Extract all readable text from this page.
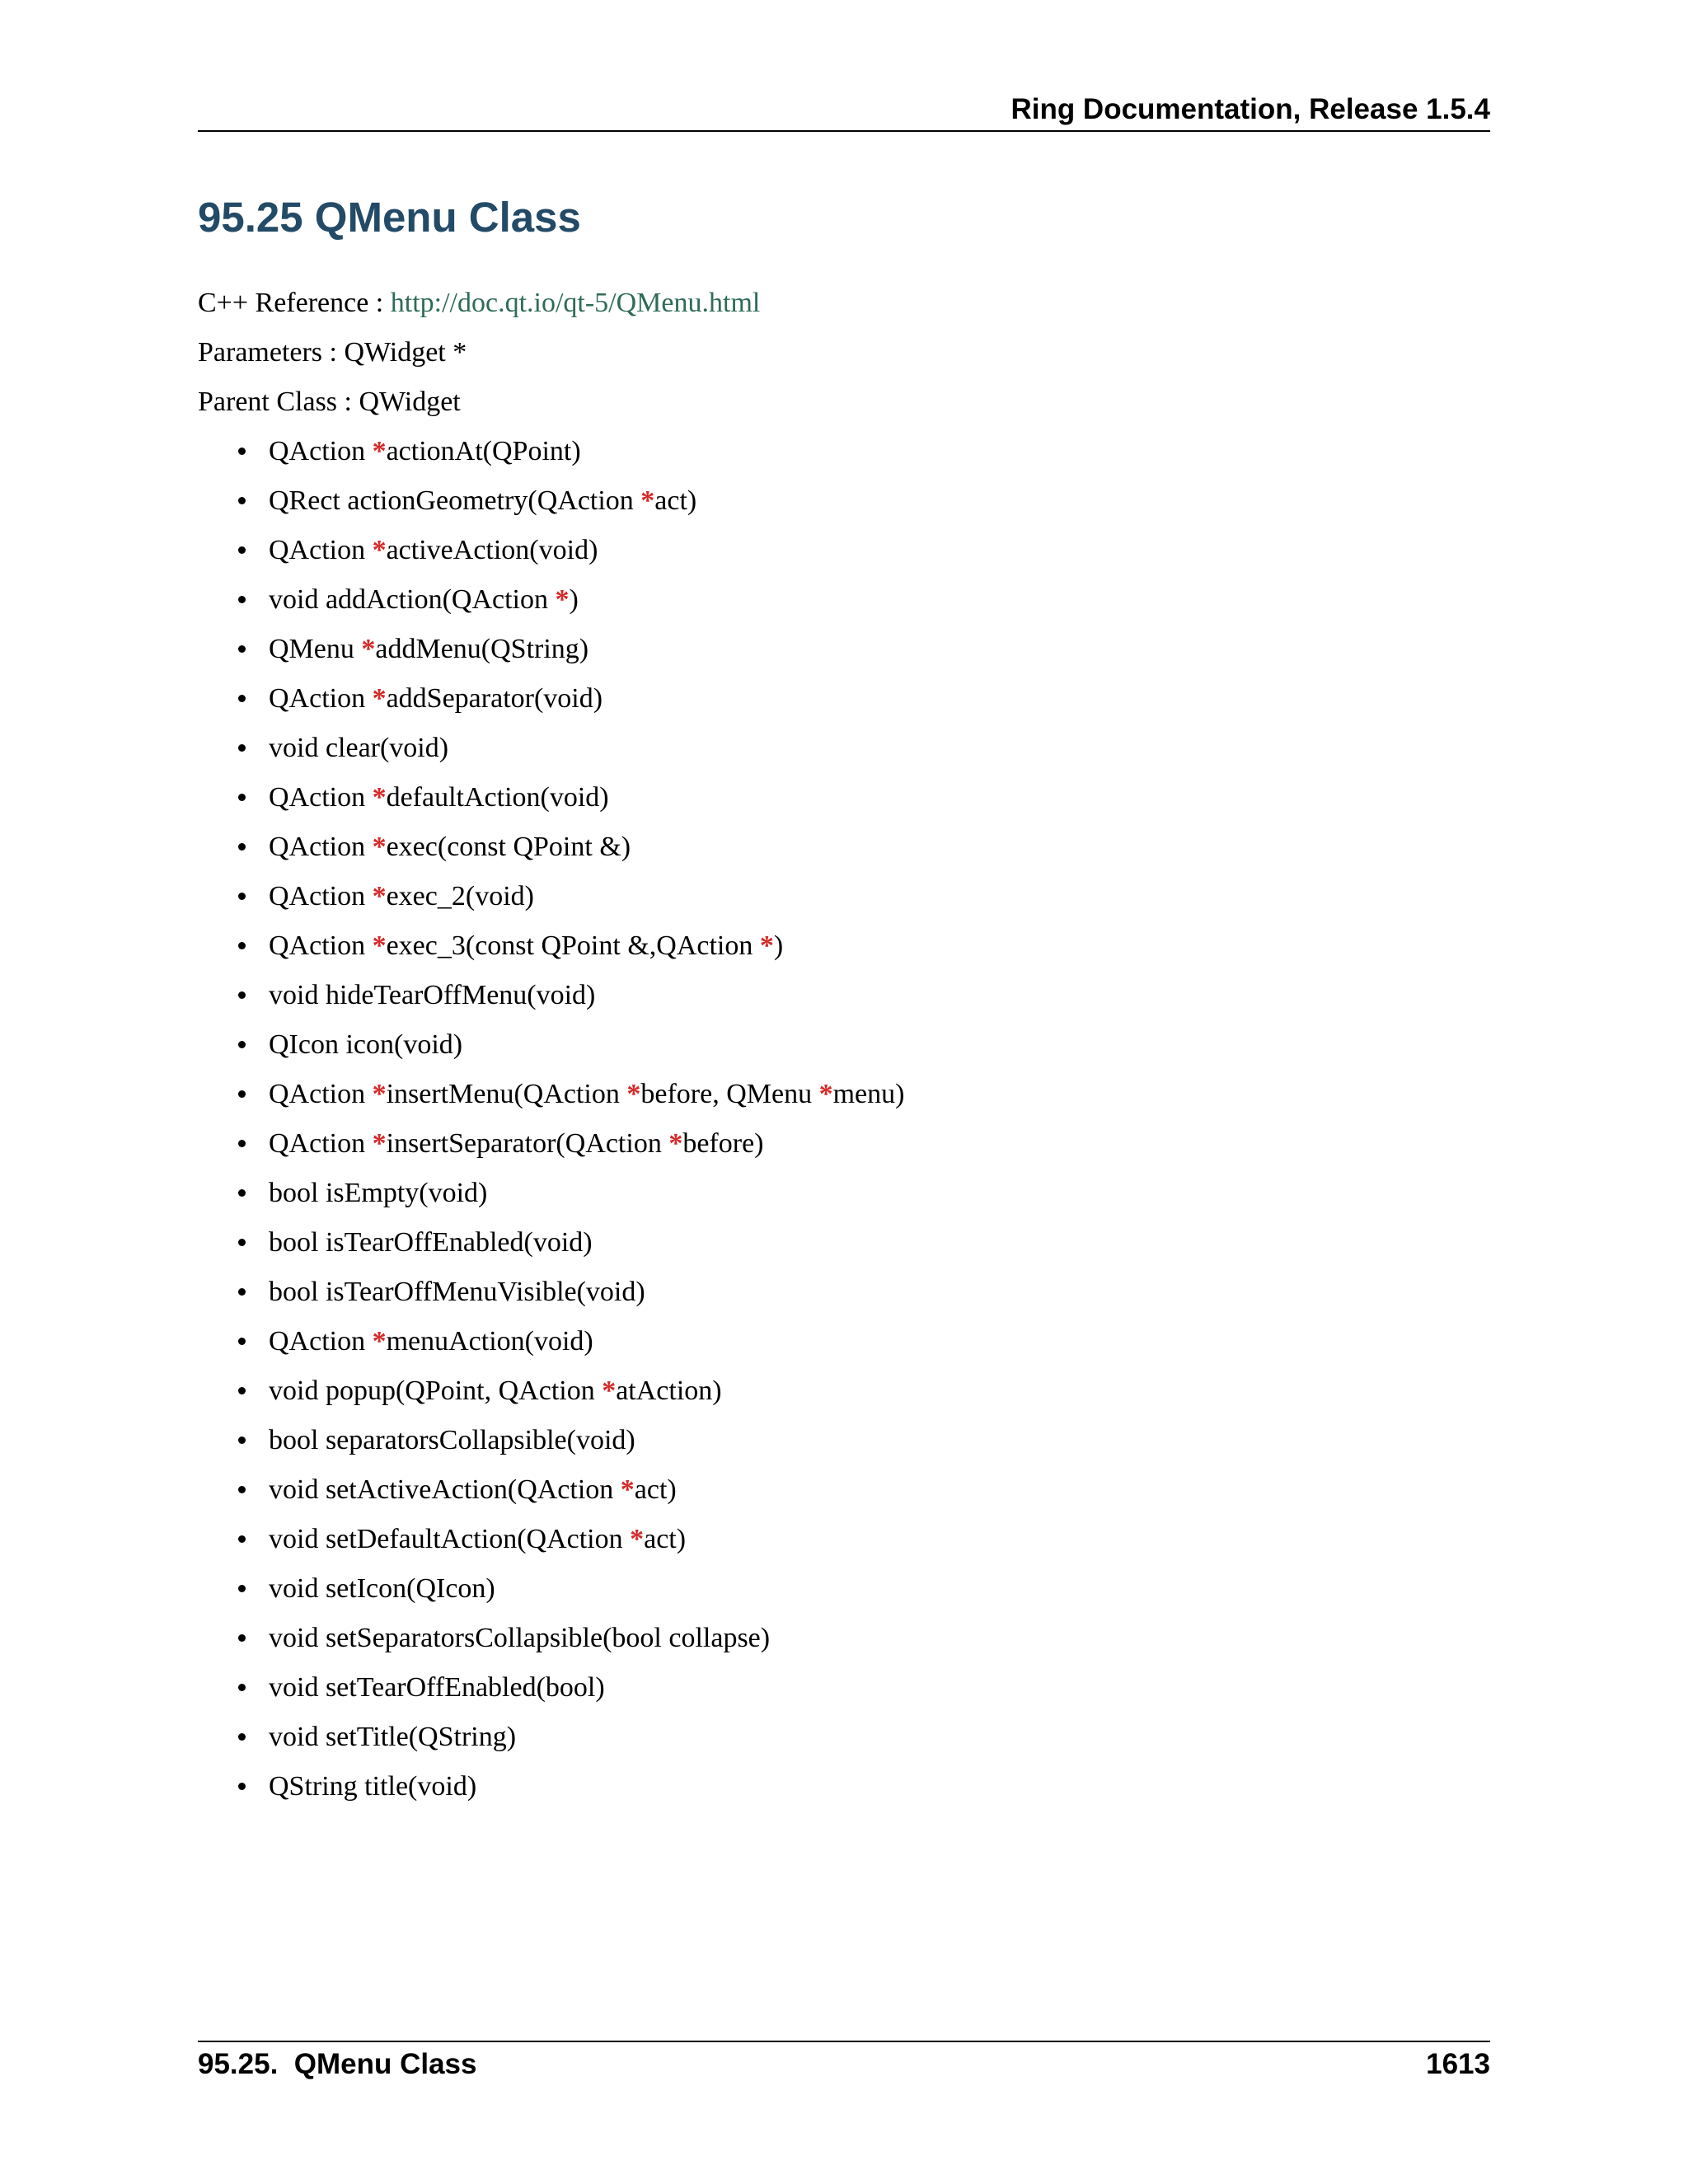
Ring Documentation, Release 1.5.4
95.25 QMenu Class
C++ Reference : http://doc.qt.io/qt-5/QMenu.html
Parameters : QWidget *
Parent Class : QWidget
QAction *actionAt(QPoint)
QRect actionGeometry(QAction *act)
QAction *activeAction(void)
void addAction(QAction *)
QMenu *addMenu(QString)
QAction *addSeparator(void)
void clear(void)
QAction *defaultAction(void)
QAction *exec(const QPoint &)
QAction *exec_2(void)
QAction *exec_3(const QPoint &,QAction *)
void hideTearOffMenu(void)
QIcon icon(void)
QAction *insertMenu(QAction *before, QMenu *menu)
QAction *insertSeparator(QAction *before)
bool isEmpty(void)
bool isTearOffEnabled(void)
bool isTearOffMenuVisible(void)
QAction *menuAction(void)
void popup(QPoint, QAction *atAction)
bool separatorsCollapsible(void)
void setActiveAction(QAction *act)
void setDefaultAction(QAction *act)
void setIcon(QIcon)
void setSeparatorsCollapsible(bool collapse)
void setTearOffEnabled(bool)
void setTitle(QString)
QString title(void)
95.25.  QMenu Class	1613
